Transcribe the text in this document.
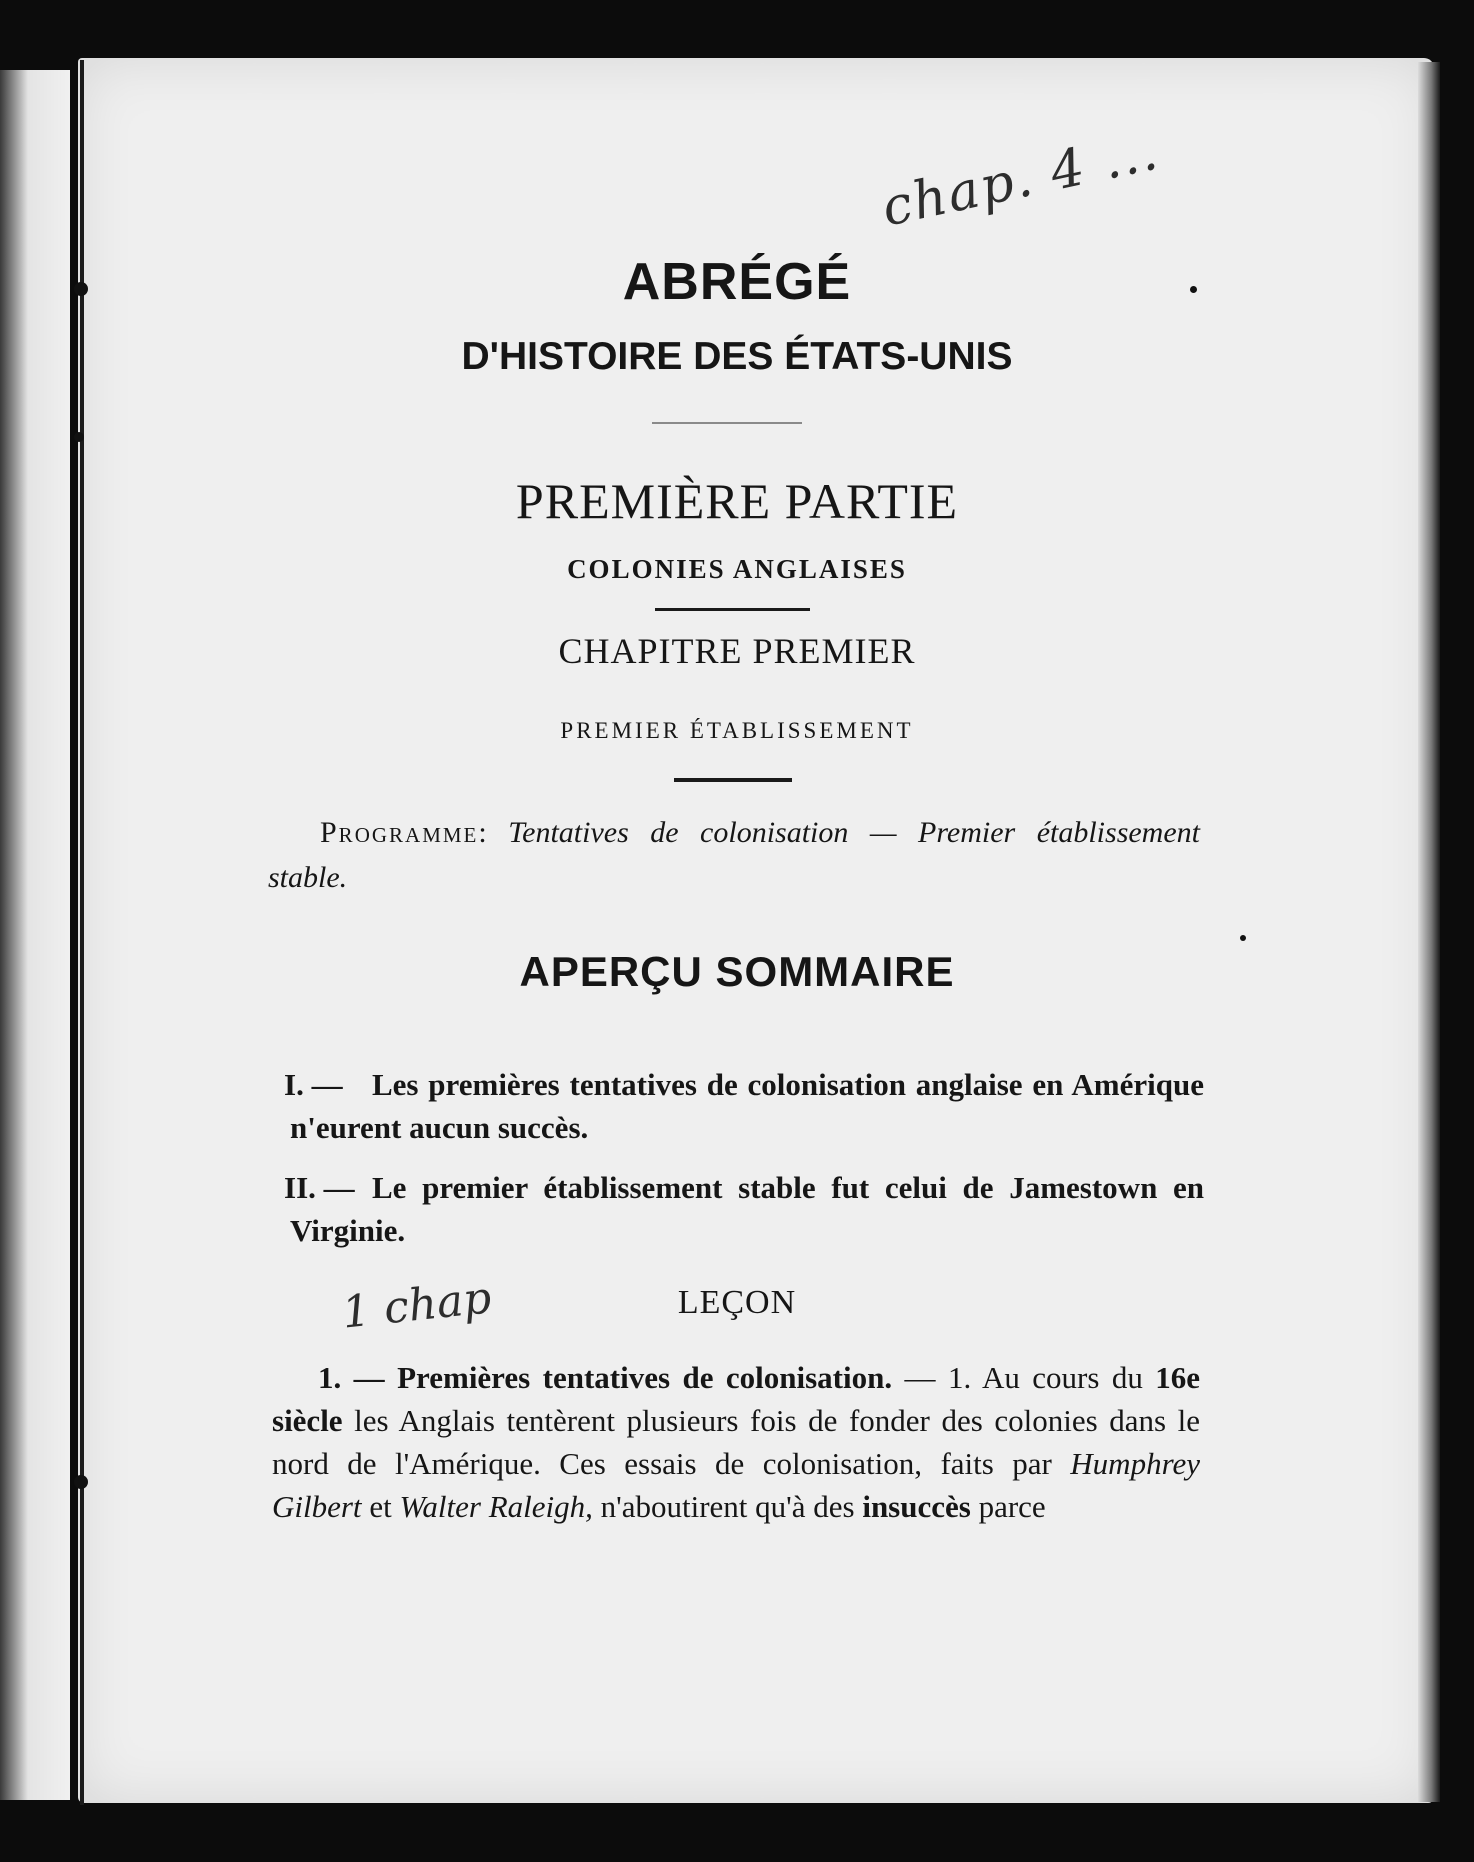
chap. 4 ...
1 chap
ABRÉGÉ
D'HISTOIRE DES ÉTATS-UNIS
PREMIÈRE PARTIE
COLONIES ANGLAISES
CHAPITRE PREMIER
PREMIER ÉTABLISSEMENT
Programme: Tentatives de colonisation — Premier établissement stable.
APERÇU SOMMAIRE
I. — Les premières tentatives de colonisation anglaise en Amérique n'eurent aucun succès.
II. — Le premier établissement stable fut celui de Jamestown en Virginie.
LEÇON
1. — Premières tentatives de colonisation. — 1. Au cours du 16e siècle les Anglais tentèrent plusieurs fois de fonder des colonies dans le nord de l'Amérique. Ces essais de colonisation, faits par Humphrey Gilbert et Walter Raleigh, n'aboutirent qu'à des insuccès parce
